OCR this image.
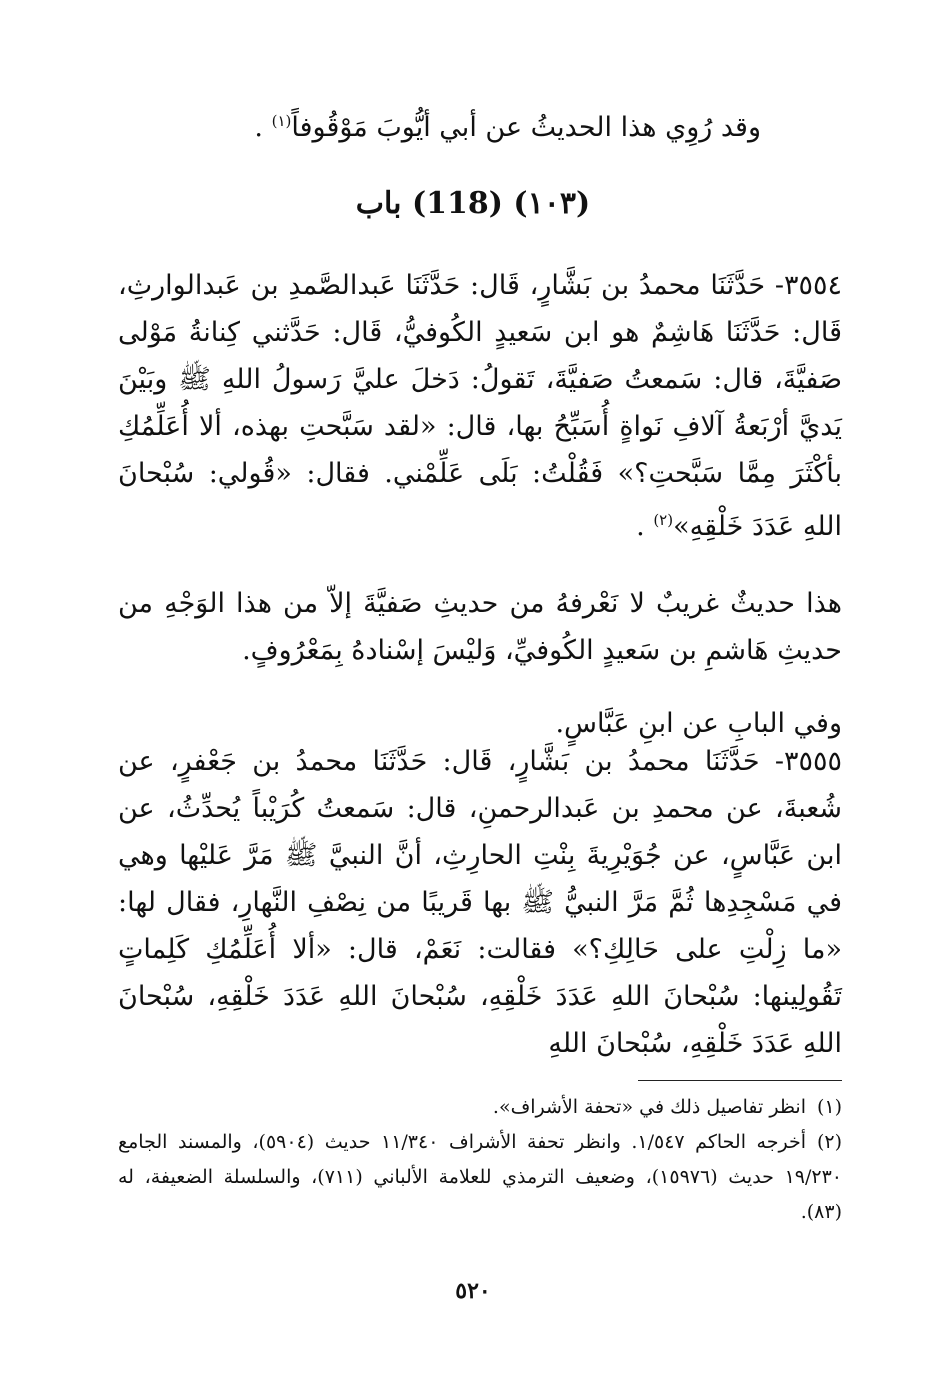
وقد رُوِي هذا الحديثُ عن أبي أيُّوبَ مَوْقُوفاً$^{(١)}$ .
(١٠٣) (118) باب
٣٥٥٤- حَدَّثَنَا محمدُ بن بَشَّارٍ، قَال: حَدَّثَنَا عَبدالصَّمدِ بن عَبدالوارثِ، قَال: حَدَّثَنَا هَاشِمٌ هو ابن سَعيدٍ الكُوفيُّ، قَال: حَدَّثني كِنانةُ مَوْلى صَفيَّةَ، قال: سَمعتُ صَفيَّةَ، تَقولُ: دَخلَ عليَّ رَسولُ اللهِ ﷺ وبَيْنَ يَديَّ أرْبَعةُ آلافِ نَواةٍ أُسَبِّحُ بها، قال: «لقد سَبَّحتِ بهذه، ألا أُعَلِّمُكِ بأكْثَرَ مِمَّا سَبَّحتِ؟» فَقُلْتُ: بَلَى عَلِّمْني. فقال: «قُولي: سُبْحانَ اللهِ عَدَدَ خَلْقِهِ»$^{(٢)}$ .
هذا حديثٌ غريبٌ لا نَعْرفهُ من حديثِ صَفيَّةَ إلاّ من هذا الوَجْهِ من حديثِ هَاشمِ بن سَعيدٍ الكُوفيِّ، وَليْسَ إسْنادهُ بِمَعْرُوفٍ.
وفي البابِ عن ابنِ عَبَّاسٍ.
٣٥٥٥- حَدَّثَنَا محمدُ بن بَشَّارٍ، قَال: حَدَّثَنَا محمدُ بن جَعْفرٍ، عن شُعبةَ، عن محمدِ بن عَبدالرحمنِ، قال: سَمعتُ كُرَيْباً يُحدِّثُ، عن ابن عَبَّاسٍ، عن جُوَيْرِيةَ بِنْتِ الحارِثِ، أنَّ النبيَّ ﷺ مَرَّ عَليْها وهي في مَسْجِدِها ثُمَّ مَرَّ النبيُّ ﷺ بها قَريبًا من نِصْفِ النَّهارِ، فقال لها: «ما زِلْتِ على حَالِكِ؟» فقالت: نَعَمْ، قال: «ألا أُعَلِّمُكِ كَلِماتٍ تَقُولِينها: سُبْحانَ اللهِ عَدَدَ خَلْقِهِ، سُبْحانَ اللهِ عَدَدَ خَلْقِهِ، سُبْحانَ اللهِ عَدَدَ خَلْقِهِ، سُبْحانَ اللهِ
(١)انظر تفاصيل ذلك في «تحفة الأشراف».
(٢)أخرجه الحاكم ١/٥٤٧. وانظر تحفة الأشراف ١١/٣٤٠ حديث (٥٩٠٤)، والمسند الجامع ١٩/٢٣٠ حديث (١٥٩٧٦)، وضعيف الترمذي للعلامة الألباني (٧١١)، والسلسلة الضعيفة، له (٨٣).
٥٢٠
